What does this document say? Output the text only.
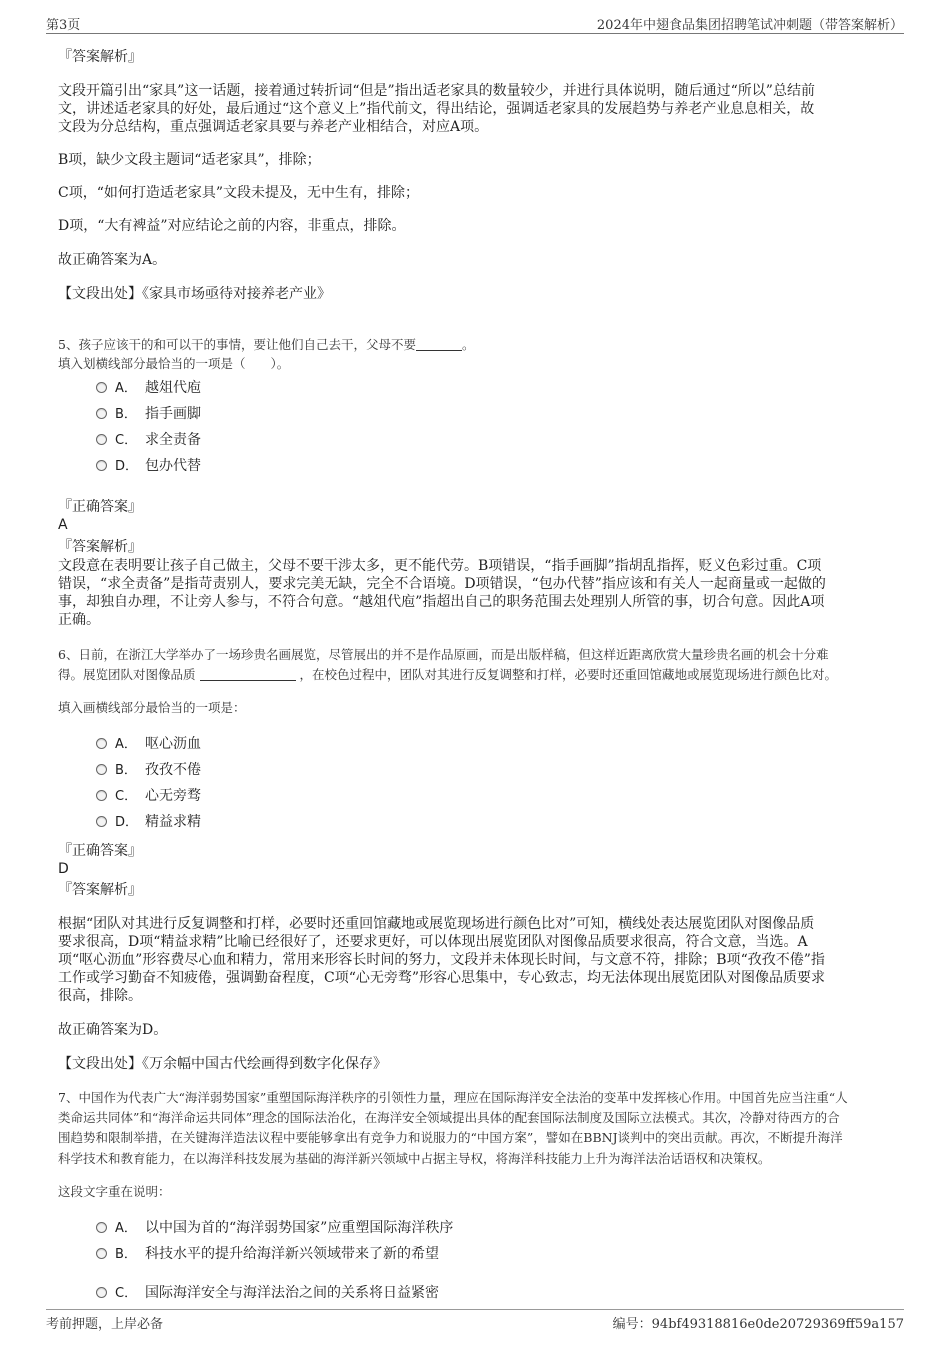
第3页	2024年中翅食品集团招聘笔试冲刺题（带答案解析）
『答案解析』
文段开篇引出“家具”这一话题，接着通过转折词“但是”指出适老家具的数量较少，并进行具体说明，随后通过“所以”总结前
文，讲述适老家具的好处，最后通过“这个意义上”指代前文，得出结论，强调适老家具的发展趋势与养老产业息息相关，故
文段为分总结构，重点强调适老家具要与养老产业相结合，对应A项。
B项，缺少文段主题词“适老家具”，排除；
C项，“如何打造适老家具”文段未提及，无中生有，排除；
D项，“大有裨益”对应结论之前的内容，非重点，排除。
故正确答案为A。
【文段出处】《家具市场亟待对接养老产业》
5、孩子应该干的和可以干的事情，要让他们自己去干，父母不要	。
填入划横线部分最恰当的一项是（　　）。
A． 越俎代庖
B． 指手画脚
C． 求全责备
D． 包办代替
『正确答案』
A
『答案解析』
文段意在表明要让孩子自己做主，父母不要干涉太多，更不能代劳。B项错误，“指手画脚”指胡乱指挥，贬义色彩过重。C项
错误，“求全责备”是指苛责别人，要求完美无缺，完全不合语境。D项错误，“包办代替”指应该和有关人一起商量或一起做的
事，却独自办理，不让旁人参与，不符合句意。“越俎代庖”指超出自己的职务范围去处理别人所管的事，切合句意。因此A项
正确。
6、日前，在浙江大学举办了一场珍贵名画展览，尽管展出的并不是作品原画，而是出版样稿，但这样近距离欣赏大量珍贵名画的机会十分难
得。展览团队对图像品质	，在校色过程中，团队对其进行反复调整和打样，必要时还重回馆藏地或展览现场进行颜色比对。
填入画横线部分最恰当的一项是：
A． 呕心沥血
B． 孜孜不倦
C． 心无旁骛
D． 精益求精
『正确答案』
D
『答案解析』
根据“团队对其进行反复调整和打样，必要时还重回馆藏地或展览现场进行颜色比对”可知，横线处表达展览团队对图像品质
要求很高，D项“精益求精”比喻已经很好了，还要求更好，可以体现出展览团队对图像品质要求很高，符合文意，当选。A
项“呕心沥血”形容费尽心血和精力，常用来形容长时间的努力，文段并未体现长时间，与文意不符，排除；B项“孜孜不倦”指
工作或学习勤奋不知疲倦，强调勤奋程度，C项“心无旁骛”形容心思集中，专心致志，均无法体现出展览团队对图像品质要求
很高，排除。
故正确答案为D。
【文段出处】《万余幅中国古代绘画得到数字化保存》
7、中国作为代表广大“海洋弱势国家”重塑国际海洋秩序的引领性力量，理应在国际海洋安全法治的变革中发挥核心作用。中国首先应当注重“人
类命运共同体”和“海洋命运共同体”理念的国际法治化，在海洋安全领域提出具体的配套国际法制度及国际立法模式。其次，冷静对待西方的合
围趋势和限制举措，在关键海洋造法议程中要能够拿出有竞争力和说服力的“中国方案”，譬如在BBNJ谈判中的突出贡献。再次，不断提升海洋
科学技术和教育能力，在以海洋科技发展为基础的海洋新兴领域中占据主导权，将海洋科技能力上升为海洋法治话语权和决策权。
这段文字重在说明：
A． 以中国为首的“海洋弱势国家”应重塑国际海洋秩序
B． 科技水平的提升给海洋新兴领域带来了新的希望
C． 国际海洋安全与海洋法治之间的关系将日益紧密
考前押题，上岸必备	编号：94bf49318816e0de20729369ff59a157
